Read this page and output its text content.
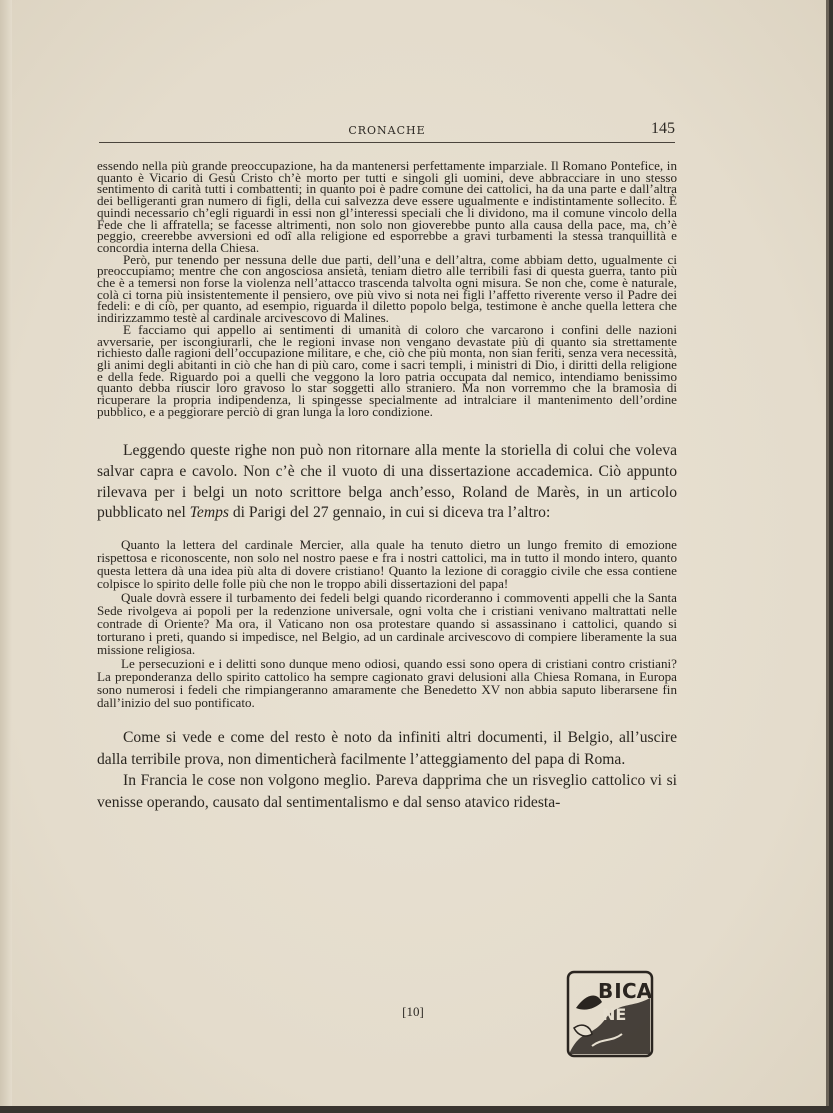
CRONACHE	145

essendo nella più grande preoccupazione, ha da mantenersi perfettamente imparziale. Il Romano Pontefice, in quanto è Vicario di Gesù Cristo ch’è morto per tutti e singoli gli uomini, deve abbracciare in uno stesso sentimento di carità tutti i combattenti; in quanto poi è padre comune dei cattolici, ha da una parte e dall’altra dei belligeranti gran numero di figli, della cui salvezza deve essere ugualmente e indistintamente sollecito. È quindi necessario ch’egli riguardi in essi non gl’interessi speciali che li dividono, ma il comune vincolo della Fede che li affratella; se facesse altrimenti, non solo non gioverebbe punto alla causa della pace, ma, ch’è peggio, creerebbe avversioni ed odî alla religione ed esporrebbe a gravi turbamenti la stessa tranquillità e concordia interna della Chiesa.

Però, pur tenendo per nessuna delle due parti, dell’una e dell’altra, come abbiam detto, ugualmente ci preoccupiamo; mentre che con angosciosa ansietà, teniam dietro alle terribili fasi di questa guerra, tanto più che è a temersi non forse la violenza nell’attacco trascenda talvolta ogni misura. Se non che, come è naturale, colà ci torna più insistentemente il pensiero, ove più vivo si nota nei figli l’affetto riverente verso il Padre dei fedeli: e di ciò, per quanto, ad esempio, riguarda il diletto popolo belga, testimone è anche quella lettera che indirizzammo testè al cardinale arcivescovo di Malines.

E facciamo qui appello ai sentimenti di umanità di coloro che varcarono i confini delle nazioni avversarie, per iscongiurarli, che le regioni invase non vengano devastate più di quanto sia strettamente richiesto dalle ragioni dell’occupazione militare, e che, ciò che più monta, non sian feriti, senza vera necessità, gli animi degli abitanti in ciò che han di più caro, come i sacri templi, i ministri di Dio, i diritti della religione e della fede. Riguardo poi a quelli che veggono la loro patria occupata dal nemico, intendiamo benissimo quanto debba riuscir loro gravoso lo star soggetti allo straniero. Ma non vorremmo che la bramosìa di ricuperare la propria indipendenza, li spingesse specialmente ad intralciare il mantenimento dell’ordine pubblico, e a peggiorare perciò di gran lunga la loro condizione.

Leggendo queste righe non può non ritornare alla mente la storiella di colui che voleva salvar capra e cavolo. Non c’è che il vuoto di una dissertazione accademica. Ciò appunto rilevava per i belgi un noto scrittore belga anch’esso, Roland de Marès, in un articolo pubblicato nel Temps di Parigi del 27 gennaio, in cui si diceva tra l’altro:

Quanto la lettera del cardinale Mercier, alla quale ha tenuto dietro un lungo fremito di emozione rispettosa e riconoscente, non solo nel nostro paese e fra i nostri cattolici, ma in tutto il mondo intero, quanto questa lettera dà una idea più alta di dovere cristiano! Quanto la lezione di coraggio civile che essa contiene colpisce lo spirito delle folle più che non le troppo abili dissertazioni del papa!

Quale dovrà essere il turbamento dei fedeli belgi quando ricorderanno i commoventi appelli che la Santa Sede rivolgeva ai popoli per la redenzione universale, ogni volta che i cristiani venivano maltrattati nelle contrade di Oriente? Ma ora, il Vaticano non osa protestare quando si assassinano i cattolici, quando si torturano i preti, quando si impedisce, nel Belgio, ad un cardinale arcivescovo di compiere liberamente la sua missione religiosa.

Le persecuzioni e i delitti sono dunque meno odiosi, quando essi sono opera di cristiani contro cristiani? La preponderanza dello spirito cattolico ha sempre cagionato gravi delusioni alla Chiesa Romana, in Europa sono numerosi i fedeli che rimpiangeranno amaramente che Benedetto XV non abbia saputo liberarsene fin dall’inizio del suo pontificato.

Come si vede e come del resto è noto da infiniti altri documenti, il Belgio, all’uscire dalla terribile prova, non dimenticherà facilmente l’atteggiamento del papa di Roma.

In Francia le cose non volgono meglio. Pareva dapprima che un risveglio cattolico vi si venisse operando, causato dal sentimentalismo e dal senso atavico ridesta-

[10]
BI CA
NE
